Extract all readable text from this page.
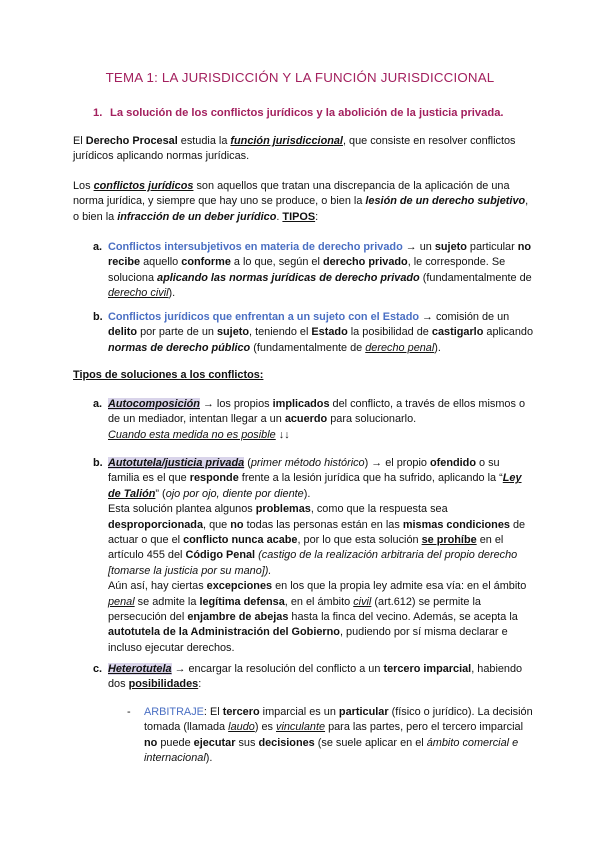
TEMA 1: LA JURISDICCIÓN Y LA FUNCIÓN JURISDICCIONAL
1. La solución de los conflictos jurídicos y la abolición de la justicia privada.
El Derecho Procesal estudia la función jurisdiccional, que consiste en resolver conflictos jurídicos aplicando normas jurídicas.
Los conflictos jurídicos son aquellos que tratan una discrepancia de la aplicación de una norma jurídica, y siempre que hay uno se produce, o bien la lesión de un derecho subjetivo, o bien la infracción de un deber jurídico. TIPOS:
a. Conflictos intersubjetivos en materia de derecho privado → un sujeto particular no recibe aquello conforme a lo que, según el derecho privado, le corresponde. Se soluciona aplicando las normas jurídicas de derecho privado (fundamentalmente de derecho civil).
b. Conflictos jurídicos que enfrentan a un sujeto con el Estado → comisión de un delito por parte de un sujeto, teniendo el Estado la posibilidad de castigarlo aplicando normas de derecho público (fundamentalmente de derecho penal).
Tipos de soluciones a los conflictos:
a. Autocomposición → los propios implicados del conflicto, a través de ellos mismos o de un mediador, intentan llegar a un acuerdo para solucionarlo.
Cuando esta medida no es posible ↓↓
b. Autotutela/justicia privada (primer método histórico) → el propio ofendido o su familia es el que responde frente a la lesión jurídica que ha sufrido, aplicando la “Ley de Talión” (ojo por ojo, diente por diente).
Esta solución plantea algunos problemas, como que la respuesta sea desproporcionada, que no todas las personas están en las mismas condiciones de actuar o que el conflicto nunca acabe, por lo que esta solución se prohíbe en el artículo 455 del Código Penal (castigo de la realización arbitraria del propio derecho [tomarse la justicia por su mano]).
Aún así, hay ciertas excepciones en los que la propia ley admite esa vía: en el ámbito penal se admite la legítima defensa, en el ámbito civil (art.612) se permite la persecución del enjambre de abejas hasta la finca del vecino. Además, se acepta la autotutela de la Administración del Gobierno, pudiendo por sí misma declarar e incluso ejecutar derechos.
c. Heterotutela → encargar la resolución del conflicto a un tercero imparcial, habiendo dos posibilidades:
- ARBITRAJE: El tercero imparcial es un particular (físico o jurídico). La decisión tomada (llamada laudo) es vinculante para las partes, pero el tercero imparcial no puede ejecutar sus decisiones (se suele aplicar en el ámbito comercial e internacional).
